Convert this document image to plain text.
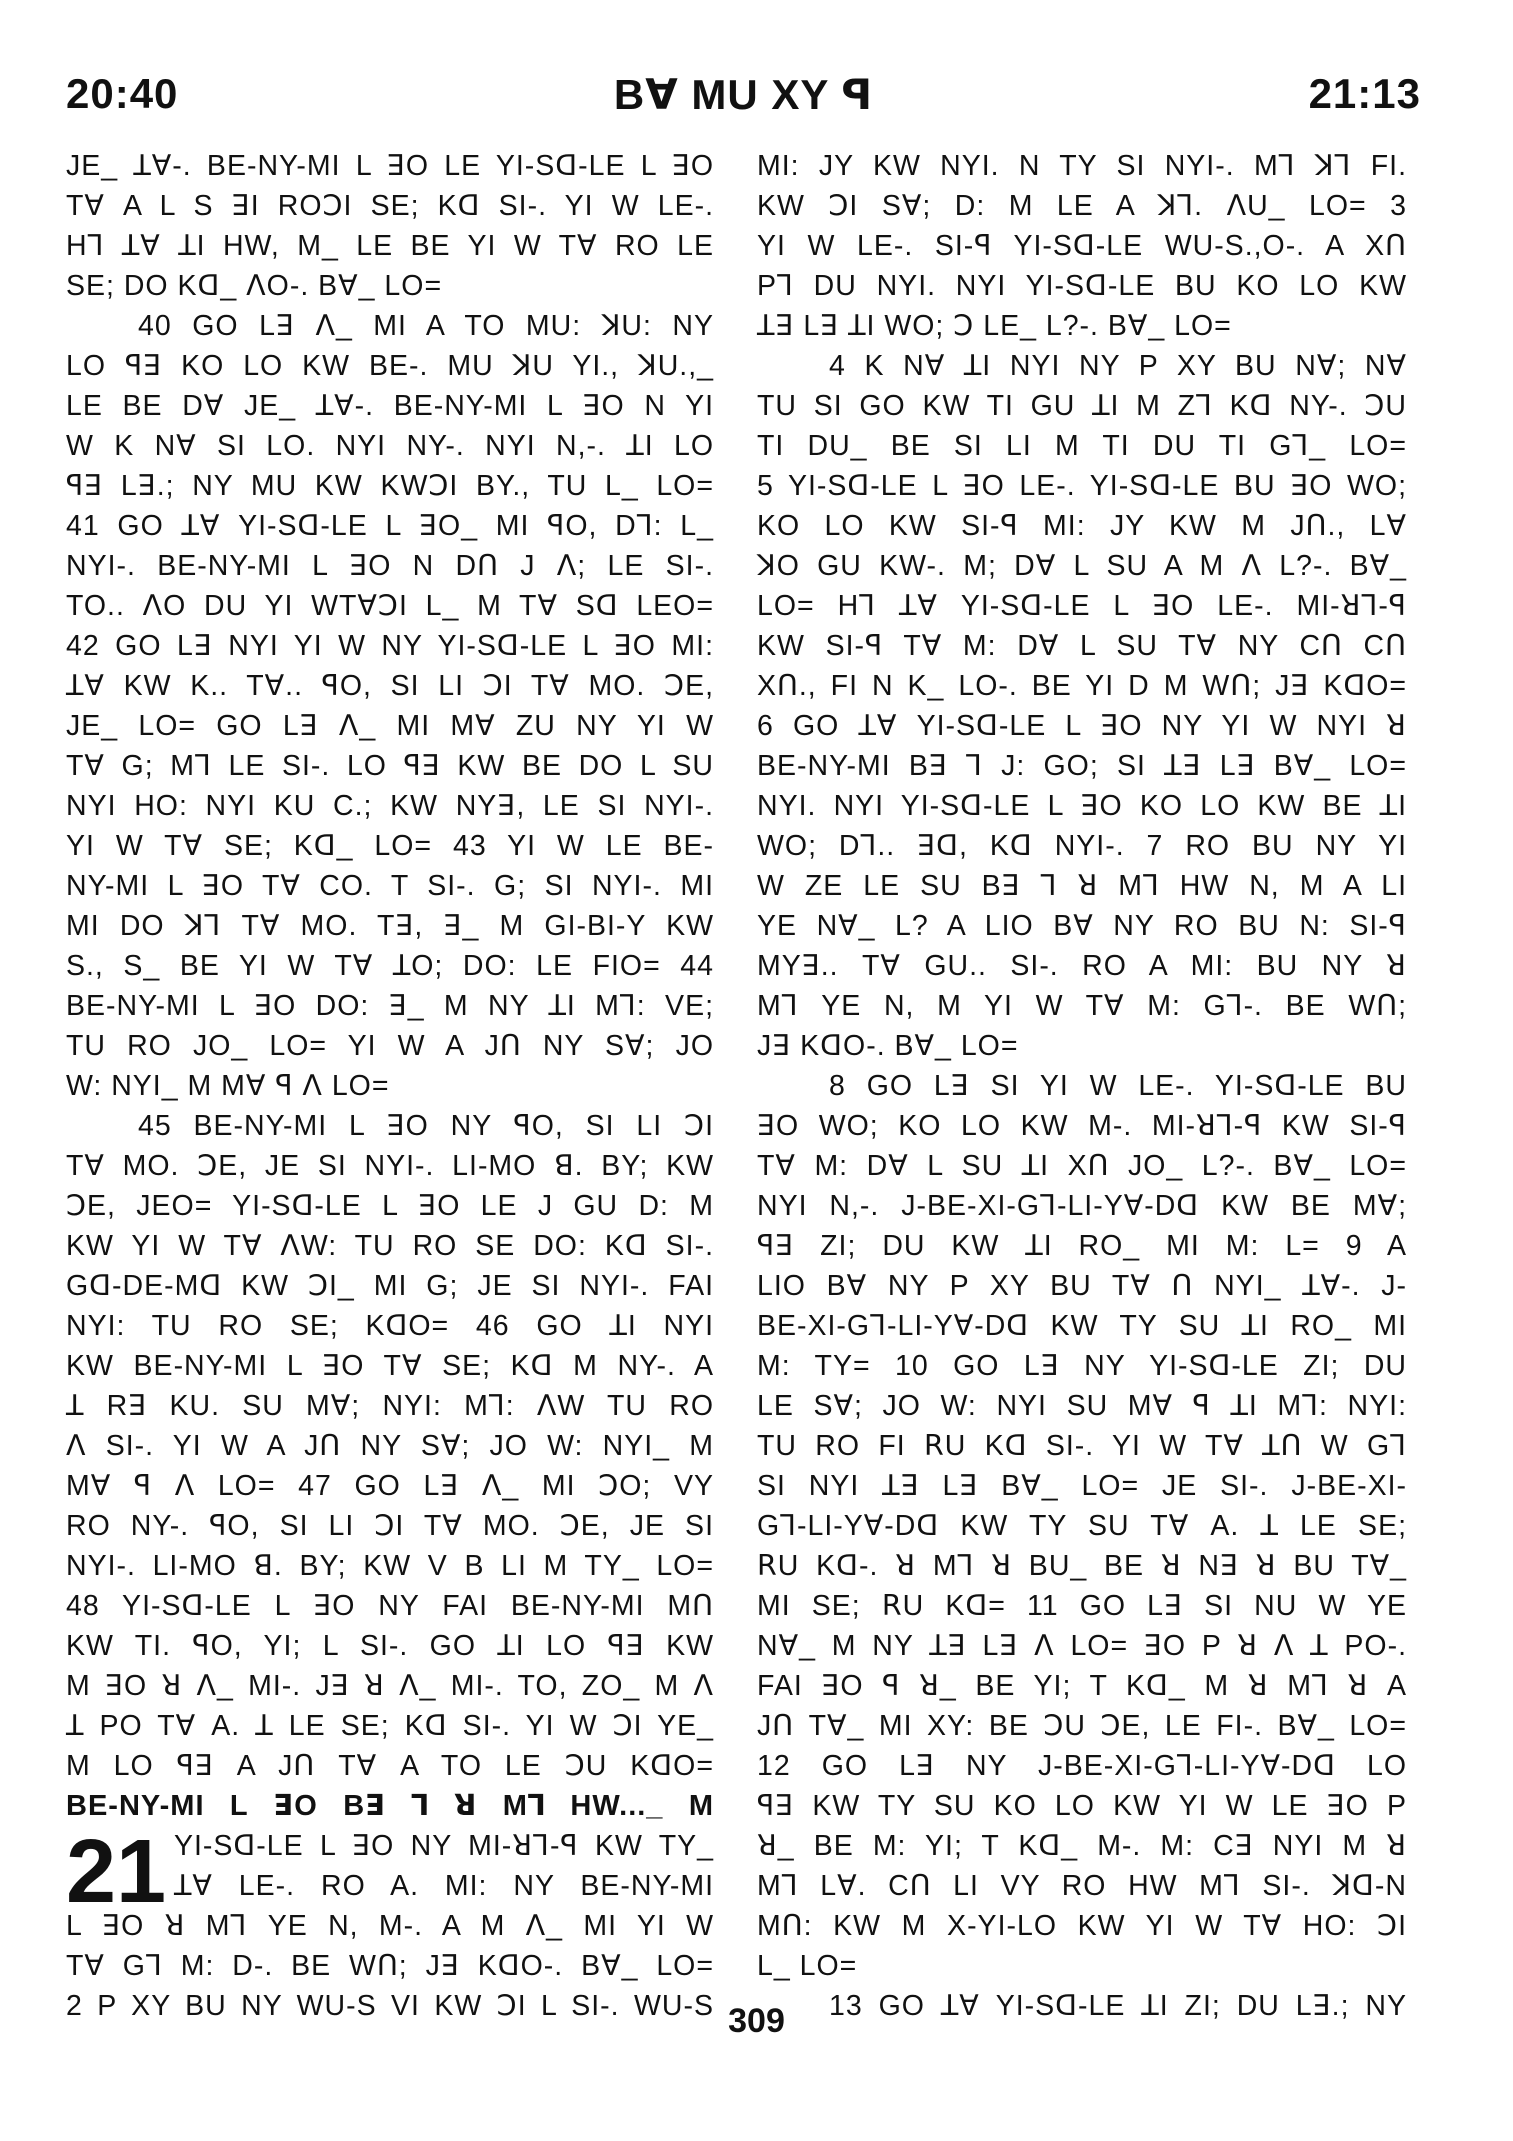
20:40	Bꓯ MU XY ꟼ	21:13
JE_ ꓕꓯ-. BE-NY-MI L ꓱO LE YI-Sꓷ-LE L ꓱO
Tꓯ A L S ꓱI ROꓛI SE; Kꓷ SI-. YI W LE-.
Hꓶ ꓕꓯ ꓕI HW, M_ LE BE YI W Tꓯ RO LE
SE; DO Kꓷ_ ꓥO-. Bꓯ_ LO=
40 GO Lꓱ ꓥ_ MI A TO MU: ꓘU: NY
LO ꟼꓱ KO LO KW BE-. MU ꓘU YI., ꓘU.,_
LE BE Dꓯ JE_ ꓕꓯ-. BE-NY-MI L ꓱO N YI
W K Nꓯ SI LO. NYI NY-. NYI N,-. ꓕI LO
ꟼꓱ Lꓱ.; NY MU KW KWꓛI BY., TU L_ LO=
41 GO ꓕꓯ YI-Sꓷ-LE L ꓱO_ MI ꟼO, Dꓶ: L_
NYI-. BE-NY-MI L ꓱO N Dꓵ J ꓥ; LE SI-.
TO.. ꓥO DU YI WTꓯꓛI L_ M Tꓯ Sꓷ LEO=
42 GO Lꓱ NYI YI W NY YI-Sꓷ-LE L ꓱO MI:
ꓕꓯ KW K.. Tꓯ.. ꟼO, SI LI ꓛI Tꓯ MO. ꓛE,
JE_ LO= GO Lꓱ ꓥ_ MI Mꓯ ZU NY YI W
Tꓯ G; Mꓶ LE SI-. LO ꟼꓱ KW BE DO L SU
NYI HO: NYI KU C.; KW NYꓱ, LE SI NYI-.
YI W Tꓯ SE; Kꓷ_ LO= 43 YI W LE BE-
NY-MI L ꓱO Tꓯ CO. T SI-. G; SI NYI-. MI
MI DO ꓘꓶ Tꓯ MO. Tꓱ, ꓱ_ M GI-BI-Y KW
S., S_ BE YI W Tꓯ ꓕO; DO: LE FIO= 44
BE-NY-MI L ꓱO DO: ꓱ_ M NY ꓕI Mꓶ: VE;
TU RO JO_ LO= YI W A Jꓵ NY Sꓯ; JO
W: NYI_ M Mꓯ ꟼ ꓥ LO=
45 BE-NY-MI L ꓱO NY ꟼO, SI LI ꓛI
Tꓯ MO. ꓛE, JE SI NYI-. LI-MO ꓭ. BY; KW
ꓛE, JEO= YI-Sꓷ-LE L ꓱO LE J GU D: M
KW YI W Tꓯ ꓥW: TU RO SE DO: Kꓷ SI-.
Gꓷ-DE-Mꓷ KW ꓛI_ MI G; JE SI NYI-. FAI
NYI: TU RO SE; KꓷO= 46 GO ꓕI NYI
KW BE-NY-MI L ꓱO Tꓯ SE; Kꓷ M NY-. A
ꓕ Rꓱ KU. SU Mꓯ; NYI: Mꓶ: ꓥW TU RO
ꓥ SI-. YI W A Jꓵ NY Sꓯ; JO W: NYI_ M
Mꓯ ꟼ ꓥ LO= 47 GO Lꓱ ꓥ_ MI ꓛO; VY
RO NY-. ꟼO, SI LI ꓛI Tꓯ MO. ꓛE, JE SI
NYI-. LI-MO ꓭ. BY; KW V B LI M TY_ LO=
48 YI-Sꓷ-LE L ꓱO NY FAI BE-NY-MI Mꓵ
KW TI. ꟼO, YI; L SI-. GO ꓕI LO ꟼꓱ KW
M ꓱO ꓤ ꓥ_ MI-. Jꓱ ꓤ ꓥ_ MI-. TO, ZO_ M ꓥ
ꓕ PO Tꓯ A. ꓕ LE SE; Kꓷ SI-. YI W ꓛI YE_
M LO ꟼꓱ A Jꓵ Tꓯ A TO LE ꓛU KꓷO=
BE-NY-MI L ꓱO Bꓱ ꓶ ꓤ Mꓶ HW..._ M
21 YI-Sꓷ-LE L ꓱO NY MI-ꓤꓶ-ꟼ KW TY_
ꓕꓯ LE-. RO A. MI: NY BE-NY-MI
L ꓱO ꓤ Mꓶ YE N, M-. A M ꓥ_ MI YI W
Tꓯ Gꓶ M: D-. BE Wꓵ; Jꓱ KꓷO-. Bꓯ_ LO=
2 P XY BU NY WU-S VI KW ꓛI L SI-. WU-S
MI: JY KW NYI. N TY SI NYI-. Mꓶ ꓘꓶ FI.
KW ꓛI Sꓯ; D: M LE A ꓘꓶ. ꓥU_ LO= 3
YI W LE-. SI-ꟼ YI-Sꓷ-LE WU-S.,O-. A Xꓵ
Pꓶ DU NYI. NYI YI-Sꓷ-LE BU KO LO KW
ꓕꓱ Lꓱ ꓕI WO; ꓛ LE_ L?-. Bꓯ_ LO=
4 K Nꓯ ꓕI NYI NY P XY BU Nꓯ; Nꓯ
TU SI GO KW TI GU ꓕI M Zꓶ Kꓷ NY-. ꓛU
TI DU_ BE SI LI M TI DU TI Gꓶ_ LO=
5 YI-Sꓷ-LE L ꓱO LE-. YI-Sꓷ-LE BU ꓱO WO;
KO LO KW SI-ꟼ MI: JY KW M Jꓵ., Lꓯ
ꓘO GU KW-. M; Dꓯ L SU A M ꓥ L?-. Bꓯ_
LO= Hꓶ ꓕꓯ YI-Sꓷ-LE L ꓱO LE-. MI-ꓤꓶ-ꟼ
KW SI-ꟼ Tꓯ M: Dꓯ L SU Tꓯ NY Cꓵ Cꓵ
Xꓵ., FI N K_ LO-. BE YI D M Wꓵ; Jꓱ KꓷO=
6 GO ꓕꓯ YI-Sꓷ-LE L ꓱO NY YI W NYI ꓤ
BE-NY-MI Bꓱ ꓶ J: GO; SI ꓕꓱ Lꓱ Bꓯ_ LO=
NYI. NYI YI-Sꓷ-LE L ꓱO KO LO KW BE ꓕI
WO; Dꓶ.. ꓱꓷ, Kꓷ NYI-. 7 RO BU NY YI
W ZE LE SU Bꓱ ꓶ ꓤ Mꓶ HW N, M A LI
YE Nꓯ_ L? A LIO Bꓯ NY RO BU N: SI-ꟼ
MYꓱ.. Tꓯ GU.. SI-. RO A MI: BU NY ꓤ
Mꓶ YE N, M YI W Tꓯ M: Gꓶ-. BE Wꓵ;
Jꓱ KꓷO-. Bꓯ_ LO=
8 GO Lꓱ SI YI W LE-. YI-Sꓷ-LE BU
ꓱO WO; KO LO KW M-. MI-ꓤꓶ-ꟼ KW SI-ꟼ
Tꓯ M: Dꓯ L SU ꓕI Xꓵ JO_ L?-. Bꓯ_ LO=
NYI N,-. J-BE-XI-Gꓶ-LI-Yꓯ-Dꓷ KW BE Mꓯ;
ꟼꓱ ZI; DU KW ꓕI RO_ MI M: L= 9 A
LIO Bꓯ NY P XY BU Tꓯ ꓵ NYI_ ꓕꓯ-. J-
BE-XI-Gꓶ-LI-Yꓯ-Dꓷ KW TY SU ꓕI RO_ MI
M: TY= 10 GO Lꓱ NY YI-Sꓷ-LE ZI; DU
LE Sꓯ; JO W: NYI SU Mꓯ ꟼ ꓕI Mꓶ: NYI:
TU RO FI ꓣU Kꓷ SI-. YI W Tꓯ ꓕꓵ W Gꓶ
SI NYI ꓕꓱ Lꓱ Bꓯ_ LO= JE SI-. J-BE-XI-
Gꓶ-LI-Yꓯ-Dꓷ KW TY SU Tꓯ A. ꓕ LE SE;
ꓣU Kꓷ-. ꓤ Mꓶ ꓤ BU_ BE ꓤ Nꓱ ꓤ BU Tꓯ_
MI SE; ꓣU Kꓷ= 11 GO Lꓱ SI NU W YE
Nꓯ_ M NY ꓕꓱ Lꓱ ꓥ LO= ꓱO P ꓤ ꓥ ꓕ PO-.
FAI ꓱO ꟼ ꓤ_ BE YI; T Kꓷ_ M ꓤ Mꓶ ꓤ A
Jꓵ Tꓯ_ MI XY: BE ꓛU ꓛE, LE FI-. Bꓯ_ LO=
12 GO Lꓱ NY J-BE-XI-Gꓶ-LI-Yꓯ-Dꓷ LO
ꟼꓱ KW TY SU KO LO KW YI W LE ꓱO P
ꓤ_ BE M: YI; T Kꓷ_ M-. M: Cꓱ NYI M ꓤ
Mꓶ Lꓯ. Cꓵ LI VY RO HW Mꓶ SI-. ꓘꓷ-N
Mꓵ: KW M X-YI-LO KW YI W Tꓯ HO: ꓛI
L_ LO=
13 GO ꓕꓯ YI-Sꓷ-LE ꓕI ZI; DU Lꓱ.; NY
309
